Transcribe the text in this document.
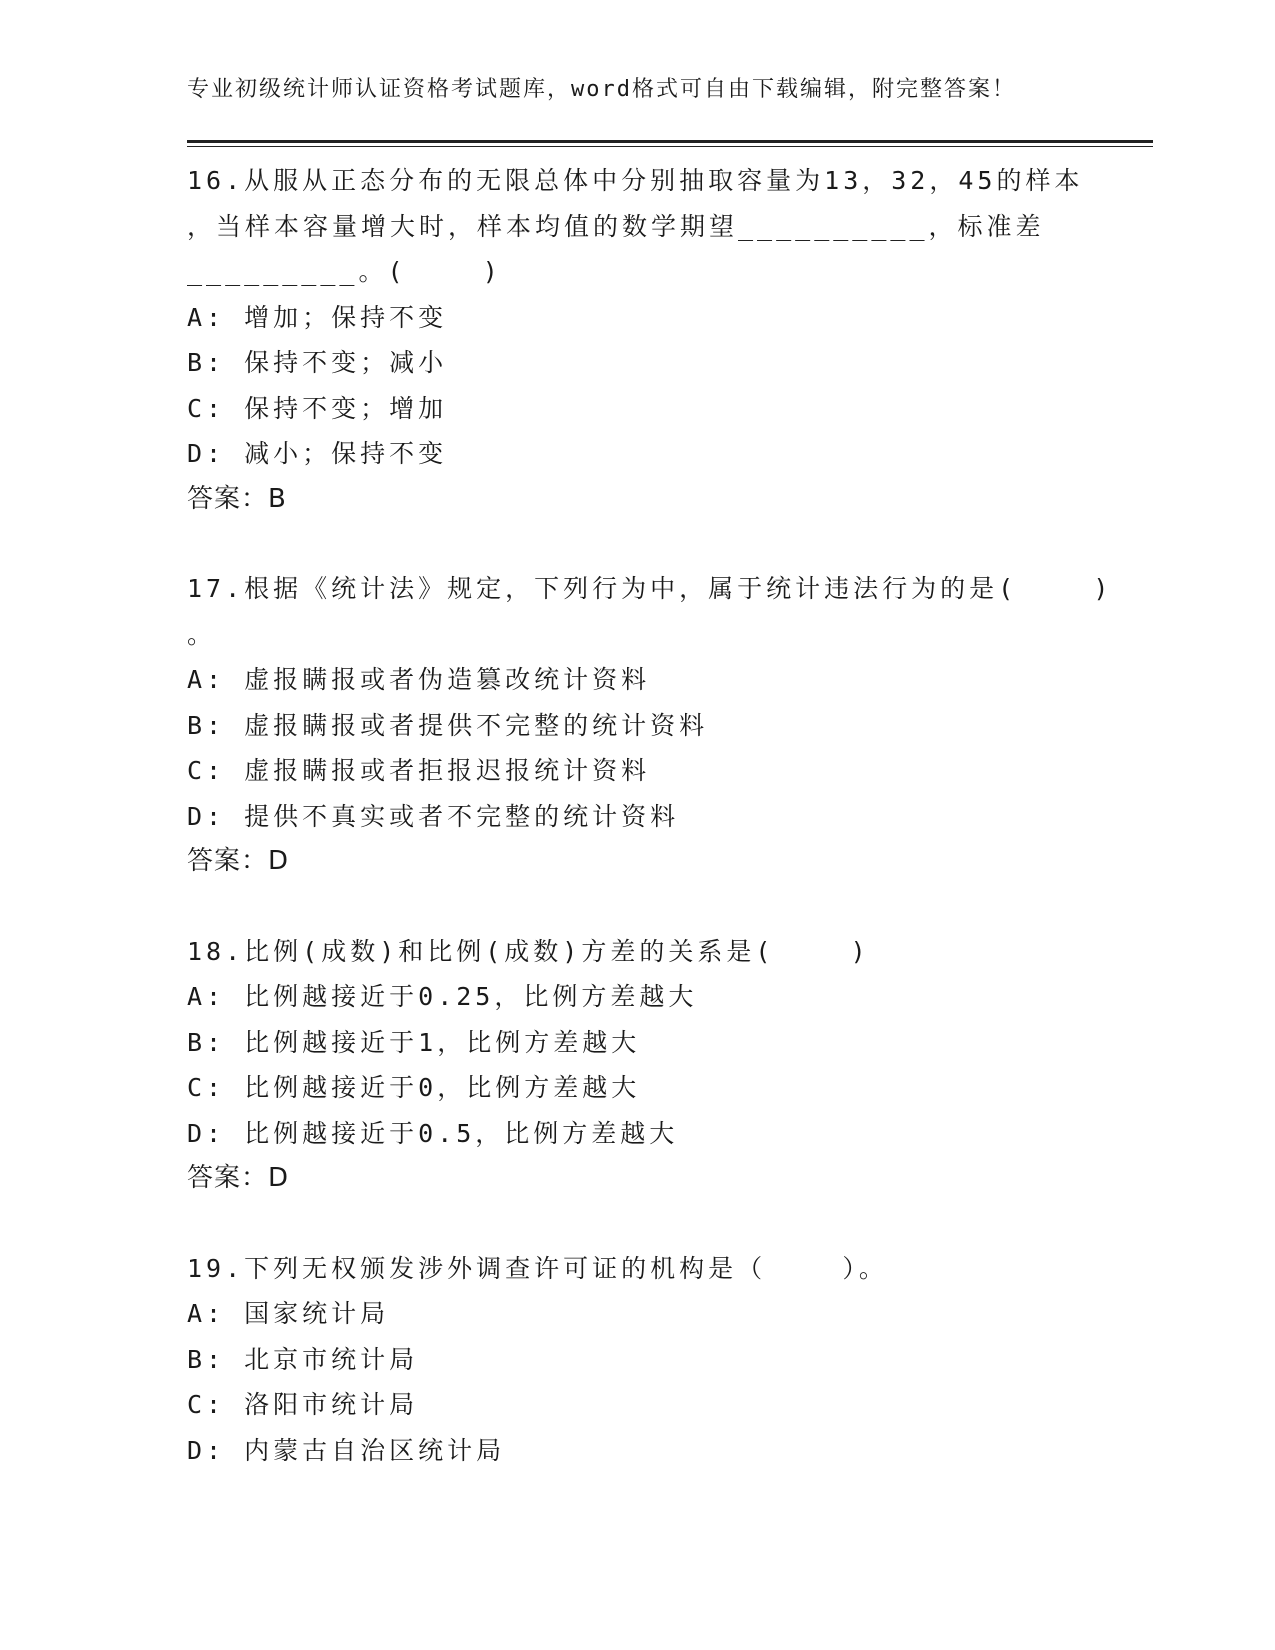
专业初级统计师认证资格考试题库，word格式可自由下载编辑，附完整答案！
16.从服从正态分布的无限总体中分别抽取容量为13，32，45的样本
，当样本容量增大时，样本均值的数学期望__________，标准差
_________。(    )
A: 增加；保持不变
B: 保持不变；减小
C: 保持不变；增加
D: 减小；保持不变
答案：B
17.根据《统计法》规定，下列行为中，属于统计违法行为的是(    )
。
A: 虚报瞒报或者伪造篡改统计资料
B: 虚报瞒报或者提供不完整的统计资料
C: 虚报瞒报或者拒报迟报统计资料
D: 提供不真实或者不完整的统计资料
答案：D
18.比例(成数)和比例(成数)方差的关系是(    )
A: 比例越接近于0.25，比例方差越大
B: 比例越接近于1，比例方差越大
C: 比例越接近于0，比例方差越大
D: 比例越接近于0.5，比例方差越大
答案：D
19.下列无权颁发涉外调查许可证的机构是（    ）。
A: 国家统计局
B: 北京市统计局
C: 洛阳市统计局
D: 内蒙古自治区统计局
